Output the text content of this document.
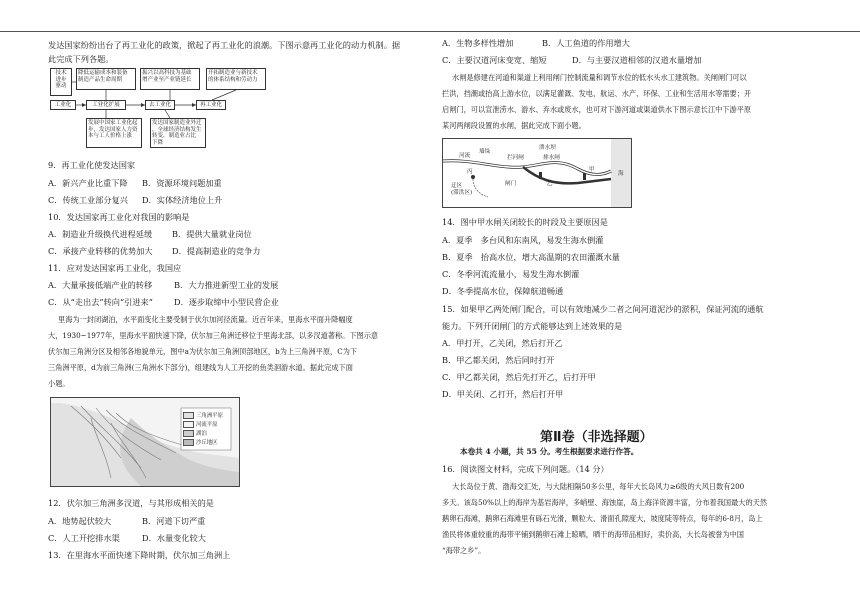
发达国家纷纷出台了再工业化的政策，掀起了再工业化的浪潮。下图示意再工业化的动力机制。据
此完成下列各题。
技术
进步
驱动
降低运输成本和装备
制造产品生命周期
振兴以高科技为基础
增产业至产业链延长
开拓制造业与新技术
的体系结构和劳动力
工业化	工业化扩展	去工业化	再工业化
发展中国家工业化起
步，发达国家人力资
本与工人价格上涨
发达国家制造业外迁
，全球经济结构发生
转变，制造业占比
下降
9．再工业化使发达国家
A．新兴产业比重下降 B．资源环境问题加重
C．传统工业部分复兴 D．实体经济地位上升
10．发达国家再工业化对我国的影响是
A．制造业升级换代进程延缓 B．提供大量就业岗位
C．承接产业转移的优势加大 D．提高制造业的竞争力
11．应对发达国家再工业化，我国应
A．大量承接低端产业的转移	B．大力推进新型工业的发展
C．从“走出去”转向“引进来”	D．逐步取缔中小型民营企业
里海为一封闭湖泊，水平面变化主要受制于伏尔加河径流量。近百年来，里海水平面升降幅度
大，1930~1977年，里海水平面快速下降，伏尔加三角洲迁移位于里海北部，以多汊道著称。下图示意
伏尔加三角洲分区及相邻各地貌单元，图中a为伏尔加三角洲顶部地区，b为上三角洲平原，C为下
三角洲平原，d为前三角洲(三角洲水下部分)，组建线为人工开挖的鱼类洄游水道。据此完成下面
小题。
三角洲平原
河流平原
湖泊
沙丘地区
12．伏尔加三角洲多汊道，与其形成相关的是
A．地势起伏较大	B．河道下切严重
C．人工开挖排水渠	D．水量变化较大
13．在里海水平面快速下降时期，伏尔加三角洲上
A．生物多样性增加	B．人工鱼道的作用增大
C．主要汉道河床变宽、缩短	D．与主要汉道相邻的汉道水量增加
水闸是修建在河道和渠道上利用闸门控制流量和调节水位的低水头水工建筑物。关闸闸门可以
拦洪，挡潮或抬高上游水位，以满足灌溉、发电、航运、水产、环保、工业和生活用水等需要；开
启闸门，可以宣泄涝水、游水、弃水或废水，也可对下游河道或渠道供水下图示意长江中下游平原
某河两闸段设置的水闸，据此完成下面小题。
河流
墙垛
拦河闸
溃水坝
排水闸
丙
乙
甲
迂区
(滞洪区)
闸门
海
14．图中甲水闸关闭较长的时段及主要原因是
A．夏季　多台风和东南风，易发生海水倒灌
B．夏季　抬高水位，增大高温期的农田灌溉水量
C．冬季河流流量小，易发生海水倒灌
D．冬季提高水位，保障航道畅通
15．如果甲乙两处闸门配合，可以有效地减少二者之间河道泥沙的淤积，保证河流的通航
能力。下列开闭闸门的方式能够达到上述效果的是
A．甲打开，乙关闭，然后打开乙
B．甲乙都关闭，然后同时打开
C．甲乙都关闭，然后先打开乙，后打开甲
D．甲关闭、乙打开，然后打开甲
本卷共 4 小题，共 55 分。考生根据要求进行作答。
16．阅读图文材料，完成下列问题。（14 分）
大长岛位于黄、渤海交汇处，与大陆相隔50多公里，每年大长岛风力≥6级的大风日数有200
多天。该岛50%以上的海岸为基岩海岸，多峭壁、海蚀崖，岛上海洋资源丰富，分布着我国最大的天然
鹅卵石海滩，鹅卵石海滩里有砾石光滑，颗粒大、滑面孔隙度大，坡度陡等特点，每年的6-8月，岛上
渔民将体重较重的海带平铺到鹅卵石滩上晾晒，晒干的海带品相好，卖价高，大长岛被誉为中国
“海带之乡”。
第Ⅱ卷（非选择题）
